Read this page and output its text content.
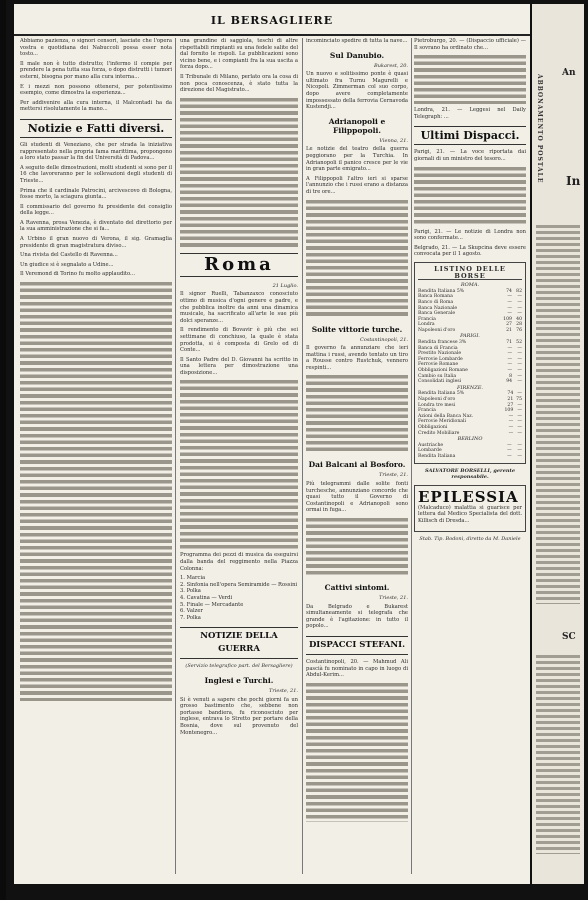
IL BERSAGLIERE

Abbiamo pazienza, o signori censori, lasciate che l'opera vostra e quotidiana dei Nabuccoli possa esser nota tosto...

Il male non è tutto distrutto; l'infermo il compie per prendere la pena tutta sua forza, o dopo distrutti i tumori esterni, bisogna por mano alla cura interna...

E i mezzi non possono ottenersi, per potentissimo esempio, come dimostra la esperienza...

Per addivenire alla cura interna, il Malcontadi ha da mettersi risolutamente la mano...

Notizie e Fatti diversi.

Gli studenti di Veneziano, che per strada la iniziativa rappresentato nella propria fama marittima, propongono a loro stato passar la fin del Università di Padova...

A seguito delle dimostrazioni, molti studenti si sono per il 16 che lavoreranno per le sollevazioni degli studenti di Trieste...

Prima che il cardinale Patrocini, arcivescovo di Bologna, fosse morto, la sciagura giunta...

Il commissario del governo fu presidente dei consiglio della legge...

A Ravenna, prosa Venezia, è diventato del direttorio per la sua amministrazione che si fa...

A Urbino il gran nuovo di Verona, il sig. Gramaglia presidente di gran magistratura diviso...

Una rivista del Castello di Ravenna...

Un giudice si è segnalato a Udine...

Il Veremond di Torino fu molto applaudito...

una grandine di saggiola, teschi di altre rispettabili rimpianti su una fedele salite del dal fornito le rispoli. Le pubblicazioni sono vicino bene, e i compianti fra la sua uscita a forza dopo...

Il Tribunale di Milano, perlato ora la cosa di non poca conoscenza, è stato tutta la direzione del Magistrato...

Roma
21 Luglio.

Il signor Ruelli, Tabanzaxco conosciuto ottimo di musica d'ogni genere e padre, e che pubblica inoltre da anni una dinamica musicale, ha sacrificato all'arte le sue più dolci speranze...

Il rendimento di Bovavir è più che sei settimane di conchiuso, la quale è stata prodotta, si è composta di Grelo ed di Conte...

Il Santo Padre del D. Giovanni ha scritto in una lettera per dimostrazione una disposizione...

Programma dei pezzi di musica da eseguirsi dalla banda del reggimento nella Piazza Colonna:

1. Marcia
2. Sinfonia nell'opera Semiramide — Rossini
3. Polka
4. Cavatina — Verdi
5. Finale — Mercadante
6. Valzer
7. Polka
NOTIZIE DELLA GUERRA
(Servizio telegrafico part. del Bersagliere)
Inglesi e Turchi.
Trieste, 21.

Si è venuti a sapere che pochi giorni fa un grosso bastimento che, sebbene non portasse bandiera, fu riconosciuto per inglese, entrava lo Stretto per portare della Bosnia, dove sul provenuto del Montenegro...

incominciato spedire di tutta la nave...

Sul Danubio.
Bukarest, 20.

Un nuovo e solitissimo ponte è quasi ultimato fra Turnu Magurelli e Nicopoli. Zimmerman col suo corpo, dopo avere completamente impossessato della ferrovia Cernavoda Kustendji...

Adrianopoli e Filippopoli.
Vienna, 21.

Le notizie del teatro della guerra peggiorano per la Turchia. In Adrianopoli il panico cresce per le vie in gran parte emigrato...

A Filippopoli l'altro ieri si sparse l'annunzio che i russi erano a distanza di tre ore...

Solite vittorie turche.
Costantinopoli, 21.

Il governo fa annunziare che ieri mattina i russi, avendo tentato un tiro a Rousse contro Rustchuk, vennero respinti...

Dai Balcani al Bosforo.
Trieste, 21.

Più telegrammi dalle solite fonti turchesche, annunziano concorde che quasi tutto il Governo di Costantinopoli e Adrianopoli sono ormai in fuga...

Cattivi sintomi.
Trieste, 21.

Da Belgrado e Bukarest simultaneamente si telegrafa che grande è l'agitazione: in tutto il popolo...

DISPACCI STEFANI.

Costantinopoli, 20. — Mahmud Ali pascià fu nominato in capo in luogo di Abdul-Kerim...

Pietroburgo, 20. — (Dispaccio ufficiale) — Il sovrano ha ordinato che...

Londra, 21. — Leggesi nel Daily Telegraph: ...

Ultimi Dispacci.

Parigi, 21. — La voce riportata dai giornali di un ministro del tesoro...

Parigi, 21. — Le notizie di Londra non sono confermate...

Belgrado, 21. — La Skupcina deve essere convocata per il 1 agosto.

LISTINO DELLE BORSE
ROMA.
Rendita Italiana 5%	74	82
Banca Romana	—	—
Banco di Roma	—	—
Banca Nazionale	—	—
Banca Generale	—	—
Francia	109	40
Londra	27	28
Napoleoni d'oro	21	76
PARIGI.
Rendita francese 3%	71	52
Banca di Francia	—	—
Prestito Nazionale	—	—
Ferrovie Lombarde	—	—
Ferrovie Romane	—	—
Obbligazioni Romane	—	—
Cambio su Italia	8	—
Consolidati inglesi	94	—
FIRENZE.
Rendita Italiana 5%	74	—
Napoleoni d'oro	21	75
Londra tre mesi	27	—
Francia	109	—
Azioni della Banca Naz.	—	—
Ferrovie Meridionali	—	—
Obbligazioni	—	—
Credito Mobiliare	—	—
BERLINO
Austriache	—	—
Lombarde	—	—
Rendita Italiana	—	—
SALVATORE BORSELLI, gerente responsabile.
EPILESSIA

(Malcaduco) malattia si guarisce per lettera dal Medico Specialista del dott. Killisch di Dresda...

Stab. Tip. Bodoni, diretto da M. Daniele
An
ABBONAMENTO POSTALE In
SC
